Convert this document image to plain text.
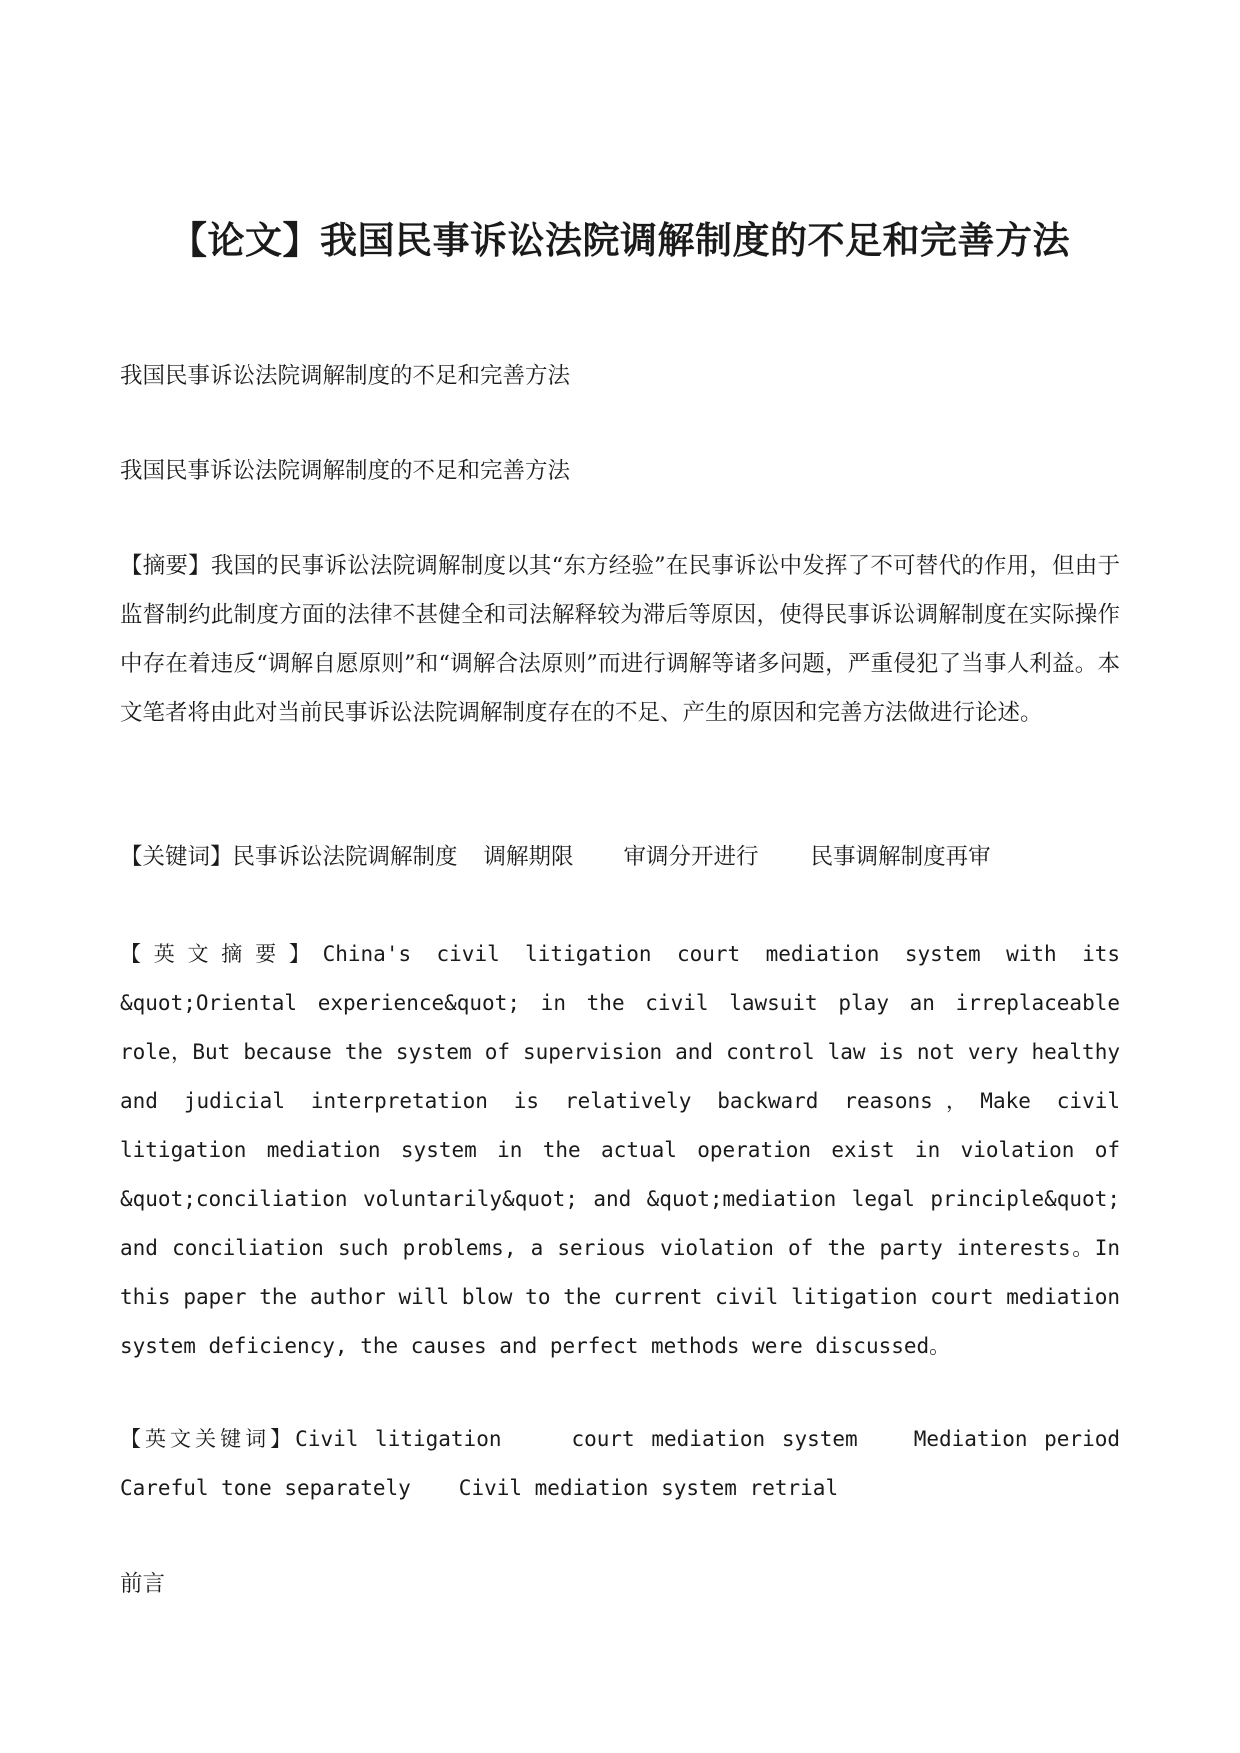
【论文】我国民事诉讼法院调解制度的不足和完善方法

我国民事诉讼法院调解制度的不足和完善方法

我国民事诉讼法院调解制度的不足和完善方法

【摘要】我国的民事诉讼法院调解制度以其“东方经验”在民事诉讼中发挥了不可替代的作用，但由于监督制约此制度方面的法律不甚健全和司法解释较为滞后等原因，使得民事诉讼调解制度在实际操作中存在着违反“调解自愿原则”和“调解合法原则”而进行调解等诸多问题，严重侵犯了当事人利益。本文笔者将由此对当前民事诉讼法院调解制度存在的不足、产生的原因和完善方法做进行论述。

【关键词】民事诉讼法院调解制度 调解期限 审调分开进行 民事调解制度再审

【英文摘要】China's civil litigation court mediation system with its &quot;Oriental experience&quot; in the civil lawsuit play an irreplaceable role，But because the system of supervision and control law is not very healthy and judicial interpretation is relatively backward reasons，Make civil litigation mediation system in the actual operation exist in violation of &quot;conciliation voluntarily&quot; and &quot;mediation legal principle&quot; and conciliation such problems, a serious violation of the party interests。In this paper the author will blow to the current civil litigation court mediation system deficiency, the causes and perfect methods were discussed。

【英文关键词】Civil litigation	court mediation system	Mediation period Careful tone separately Civil mediation system retrial

前言
